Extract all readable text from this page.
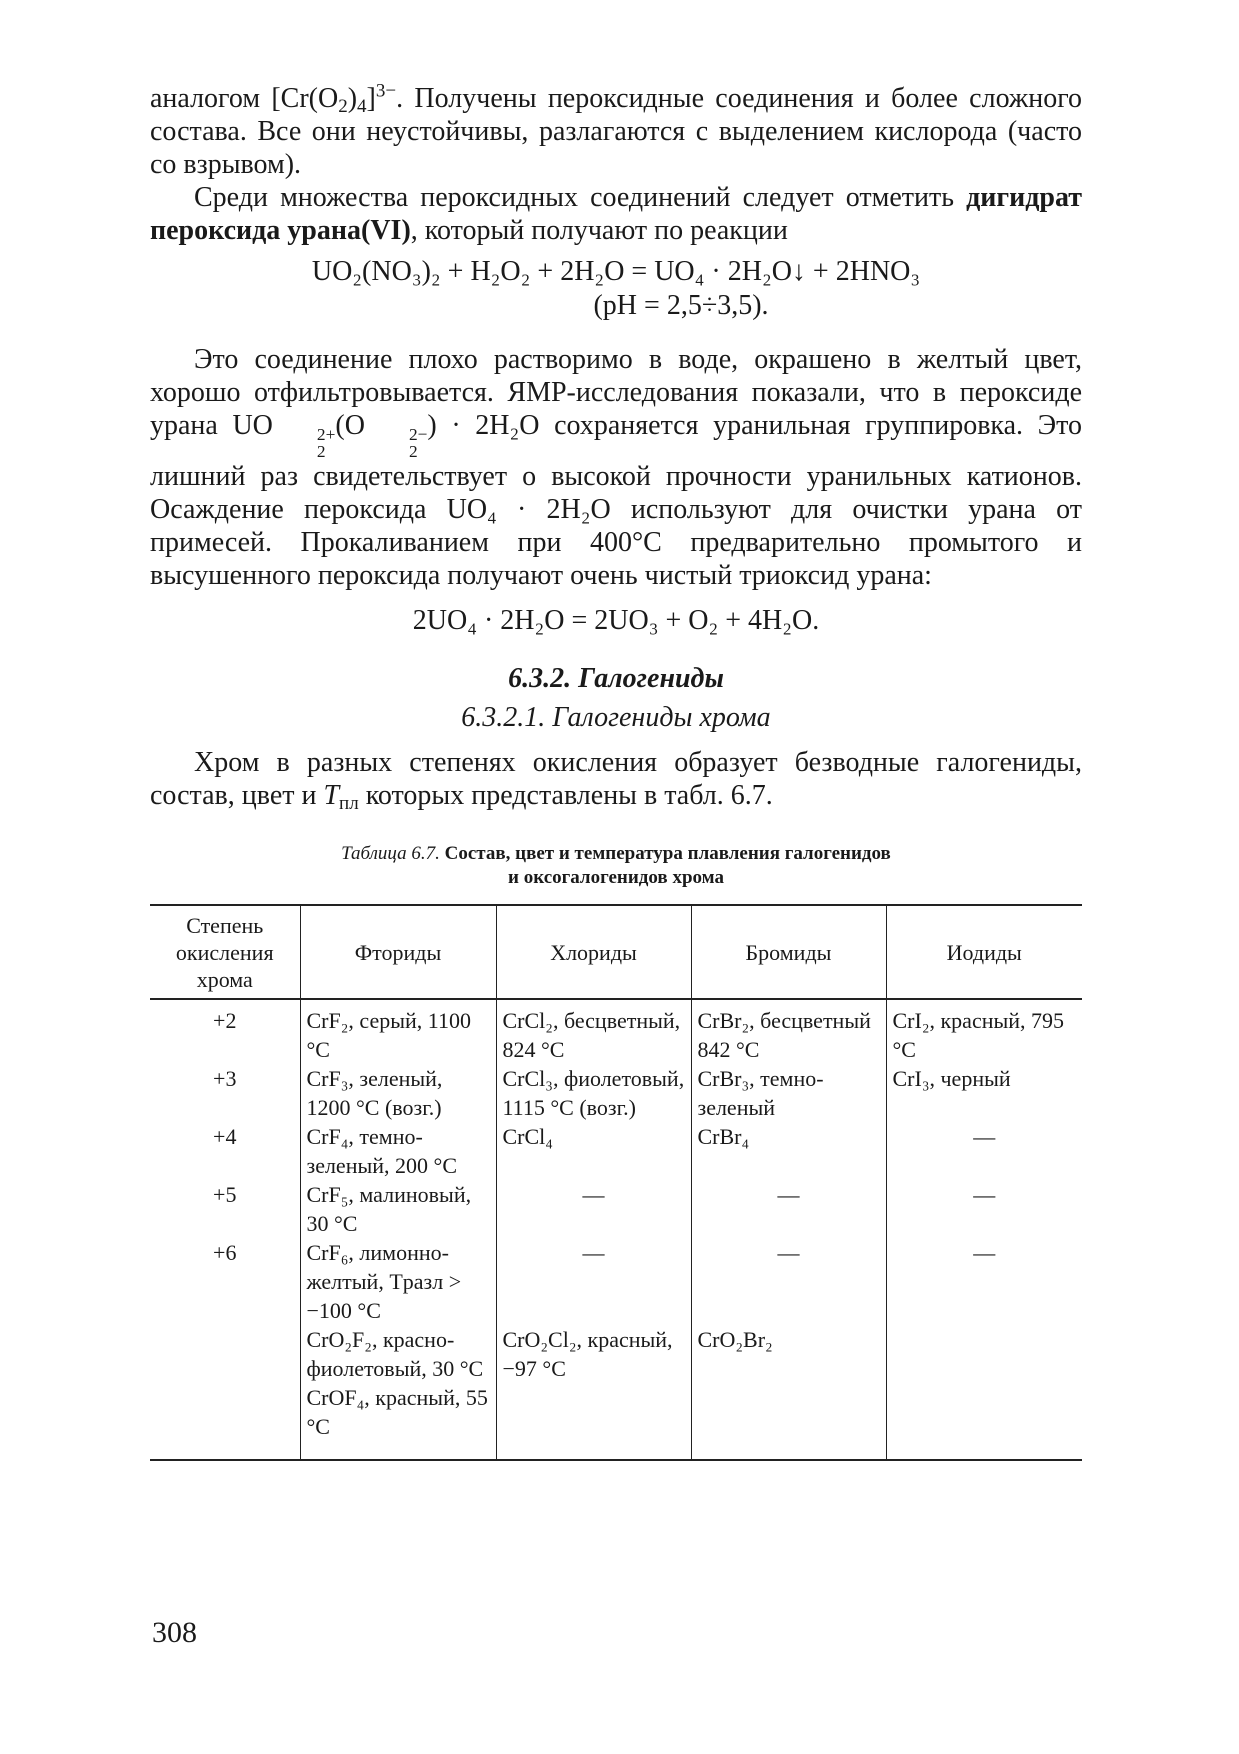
аналогом $[Cr(O_2)_4]^{3-}$. Получены пероксидные соединения и более сложного состава. Все они неустойчивы, разлагаются с выделением кислорода (часто со взрывом).

Среди множества пероксидных соединений следует отметить дигидрат пероксида урана(VI), который получают по реакции

UO₂(NO₃)₂ + H₂O₂ + 2H₂O = UO₄ · 2H₂O↓ + 2HNO₃

(pH = 2,5÷3,5).

Это соединение плохо растворимо в воде, окрашено в желтый цвет, хорошо отфильтровывается. ЯМР-исследования показали, что в пероксиде урана UO	2+
2
(O	2−
2
) · 2H₂O сохраняется уранильная группировка. Это лишний раз свидетельствует о высокой прочности уранильных катионов. Осаждение пероксида UO₄ · 2H₂O используют для очистки урана от примесей. Прокаливанием при 400°С предварительно промытого и высушенного пероксида получают очень чистый триоксид урана:

2UO₄ · 2H₂O = 2UO₃ + O₂ + 4H₂O.

6.3.2. Галогениды

6.3.2.1. Галогениды хрома

Хром в разных степенях окисления образует безводные галогениды, состав, цвет и $T_{пл}$ которых представлены в табл. 6.7.

Таблица 6.7. Состав, цвет и температура плавления галогенидов
и оксогалогенидов хрома

Степень окисления хрома	Фториды	Хлориды	Бромиды	Иодиды
+2	CrF₂, серый, 1100 °C	CrCl₂, бесцветный, 824 °C	CrBr₂, бесцветный 842 °C	CrI₂, красный, 795 °C
+3	CrF₃, зеленый, 1200 °C (возг.)	CrCl₃, фиолетовый, 1115 °C (возг.)	CrBr₃, темно-зеленый	CrI₃, черный
+4	CrF₄, темно-зеленый, 200 °C	CrCl₄	CrBr₄	—
+5	CrF₅, малиновый, 30 °C	—	—	—
+6	CrF₆, лимонно-желтый, Tразл > −100 °C	—	—	—
	CrO₂F₂, красно-фиолетовый, 30 °C CrOF₄, красный, 55 °C	CrO₂Cl₂, красный, −97 °C	CrO₂Br₂	
308
